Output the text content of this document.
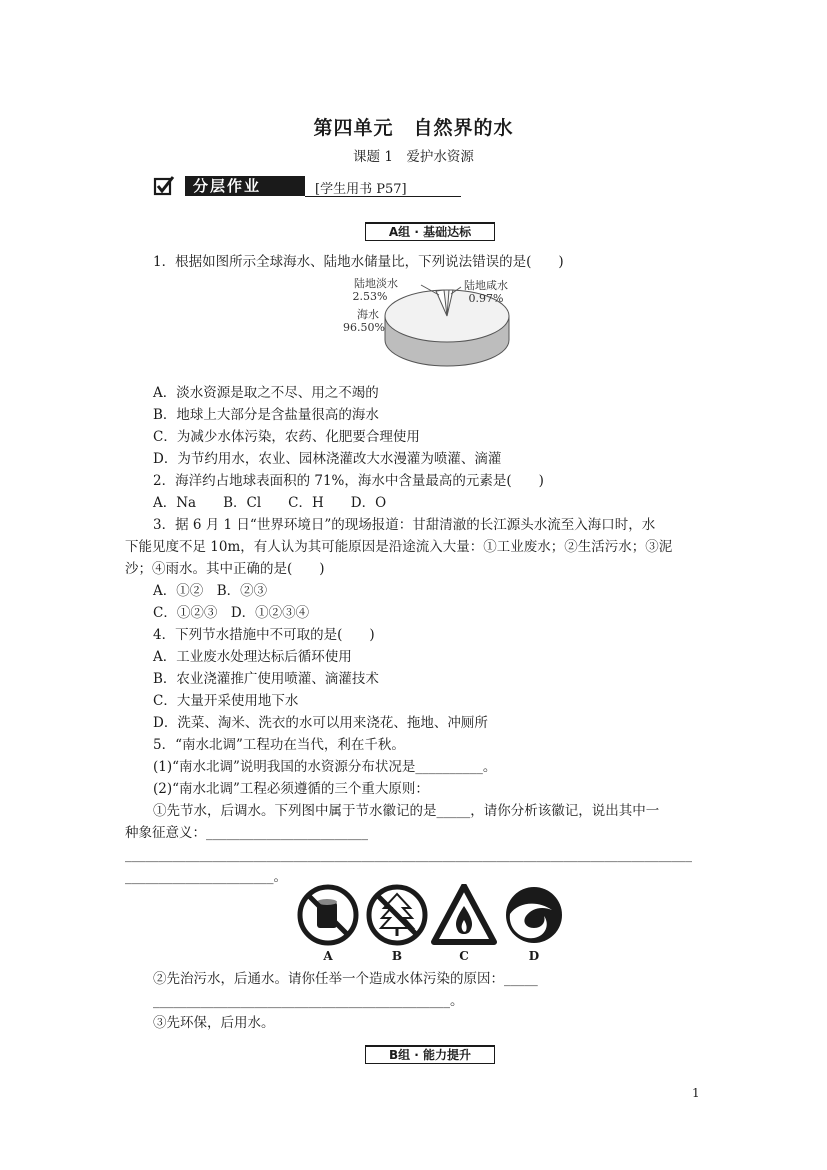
第四单元　自然界的水
课题 1　爱护水资源
分层作业	[学生用书 P57]
A组 · 基础达标
1．根据如图所示全球海水、陆地水储量比，下列说法错误的是(　　)
陆地淡水
2.53%
陆地咸水
0.97%
海水
96.50%
A．淡水资源是取之不尽、用之不竭的
B．地球上大部分是含盐量很高的海水
C．为减少水体污染，农药、化肥要合理使用
D．为节约用水，农业、园林浇灌改大水漫灌为喷灌、滴灌
2．海洋约占地球表面积的 71%，海水中含量最高的元素是(　　)
A．Na　　B．Cl　　C．H　　D．O
3．据 6 月 1 日“世界环境日”的现场报道：甘甜清澈的长江源头水流至入海口时，水
下能见度不足 10m，有人认为其可能原因是沿途流入大量：①工业废水；②生活污水；③泥
沙；④雨水。其中正确的是(　　)
A．①②　B．②③
C．①②③　D．①②③④
4．下列节水措施中不可取的是(　　)
A．工业废水处理达标后循环使用
B．农业浇灌推广使用喷灌、滴灌技术
C．大量开采使用地下水
D．洗菜、淘米、洗衣的水可以用来浇花、拖地、冲厕所
5．“南水北调”工程功在当代，利在千秋。
(1)“南水北调”说明我国的水资源分布状况是__________。
(2)“南水北调”工程必须遵循的三个重大原则：
①先节水，后调水。下列图中属于节水徽记的是_____，请你分析该徽记，说出其中一
种象征意义：________________________
____________________________________________________________________________________
______________________。
A	B	C	D
②先治污水，后通水。请你任举一个造成水体污染的原因：_____
____________________________________________。
③先环保，后用水。
B组 · 能力提升
1
